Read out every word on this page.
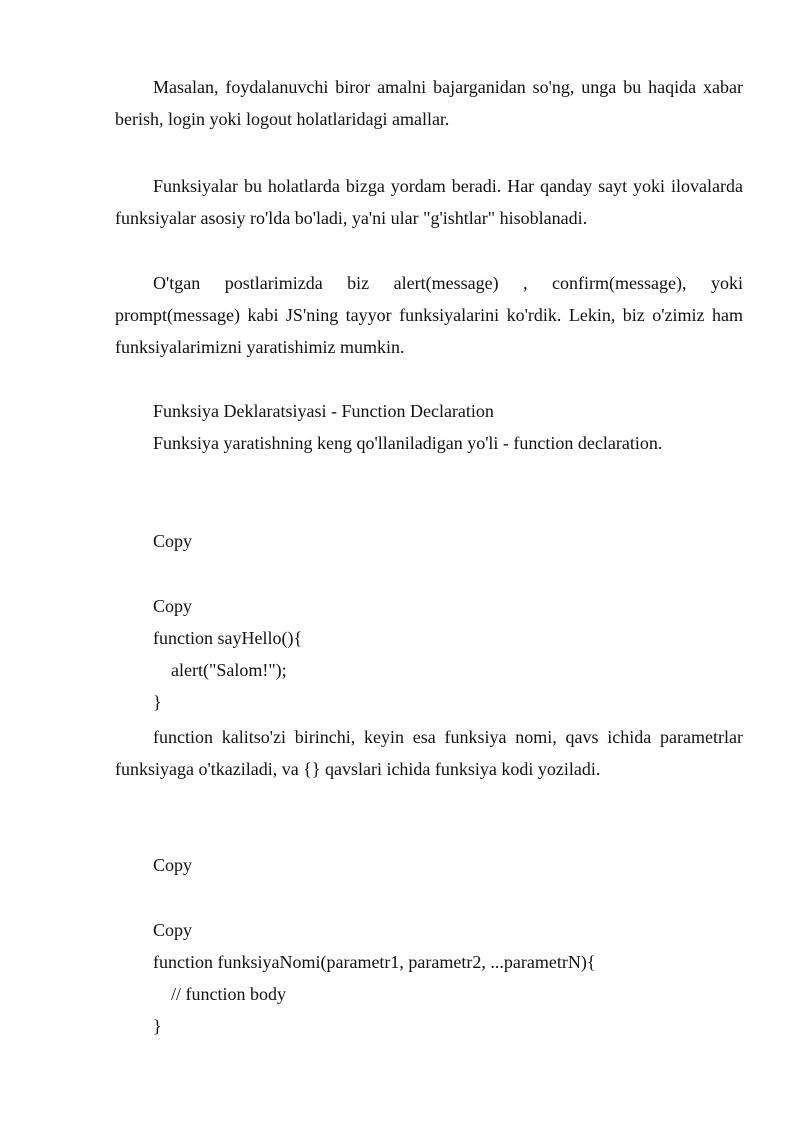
Masalan, foydalanuvchi biror amalni bajarganidan so'ng, unga bu haqida xabar berish, login yoki logout holatlaridagi amallar.

Funksiyalar bu holatlarda bizga yordam beradi. Har qanday sayt yoki ilovalarda funksiyalar asosiy ro'lda bo'ladi, ya'ni ular "g'ishtlar" hisoblanadi.

O'tgan postlarimizda biz alert(message) , confirm(message), yoki prompt(message) kabi JS'ning tayyor funksiyalarini ko'rdik. Lekin, biz o'zimiz ham funksiyalarimizni yaratishimiz mumkin.

Funksiya Deklaratsiyasi - Function Declaration

Funksiya yaratishning keng qo'llaniladigan yo'li - function declaration.

Copy

Copy

function sayHello(){

alert("Salom!");

}

function kalitso'zi birinchi, keyin esa funksiya nomi, qavs ichida parametrlar funksiyaga o'tkaziladi, va {} qavslari ichida funksiya kodi yoziladi.

Copy

Copy

function funksiyaNomi(parametr1, parametr2, ...parametrN){

// function body

}
